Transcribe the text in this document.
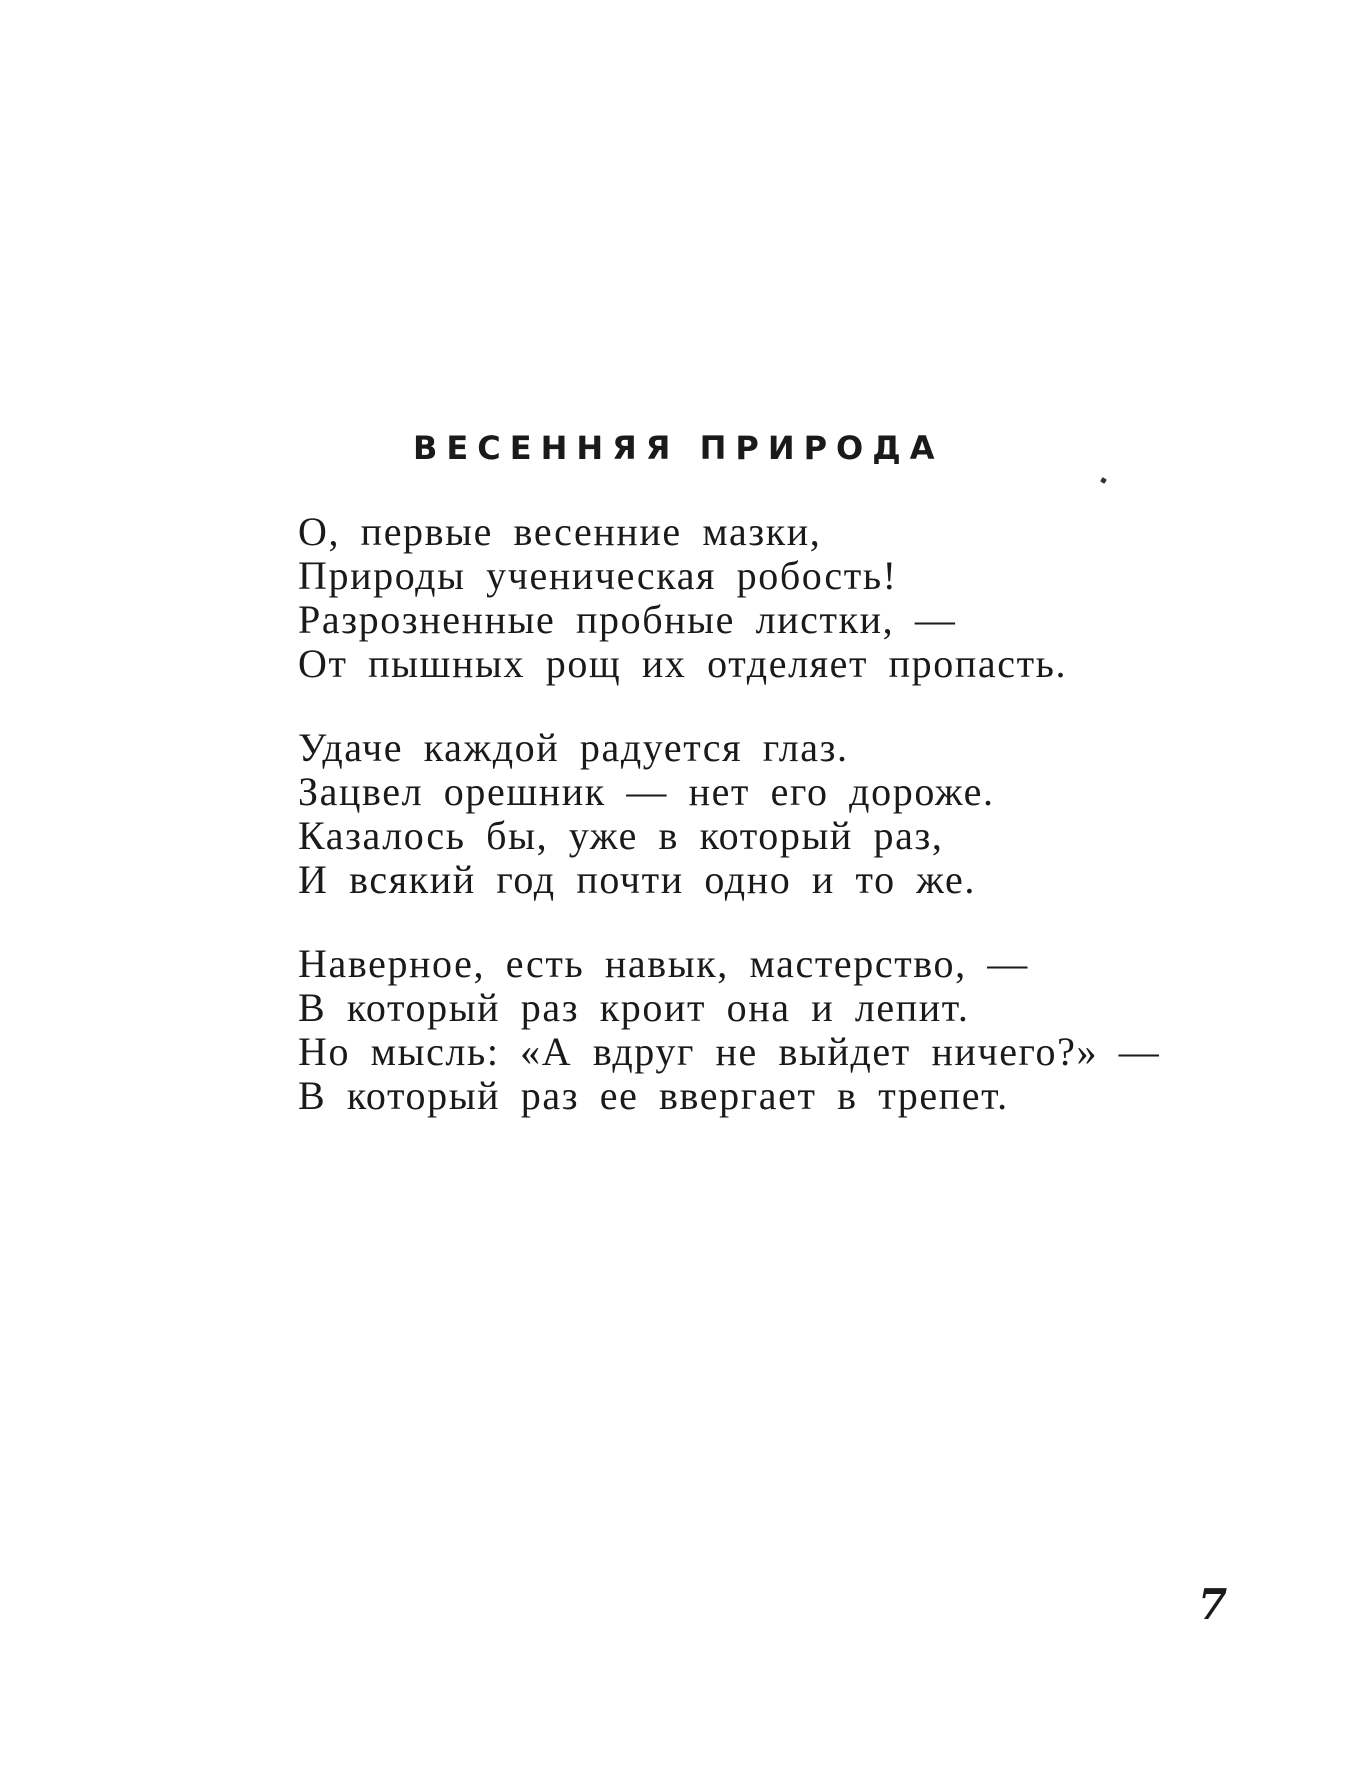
ВЕСЕННЯЯ ПРИРОДА
О, первые весенние мазки,
Природы ученическая робость!
Разрозненные пробные листки, —
От пышных рощ их отделяет пропасть.
Удаче каждой радуется глаз.
Зацвел орешник — нет его дороже.
Казалось бы, уже в который раз,
И всякий год почти одно и то же.
Наверное, есть навык, мастерство, —
В который раз кроит она и лепит.
Но мысль: «А вдруг не выйдет ничего?» —
В который раз ее ввергает в трепет.
7
